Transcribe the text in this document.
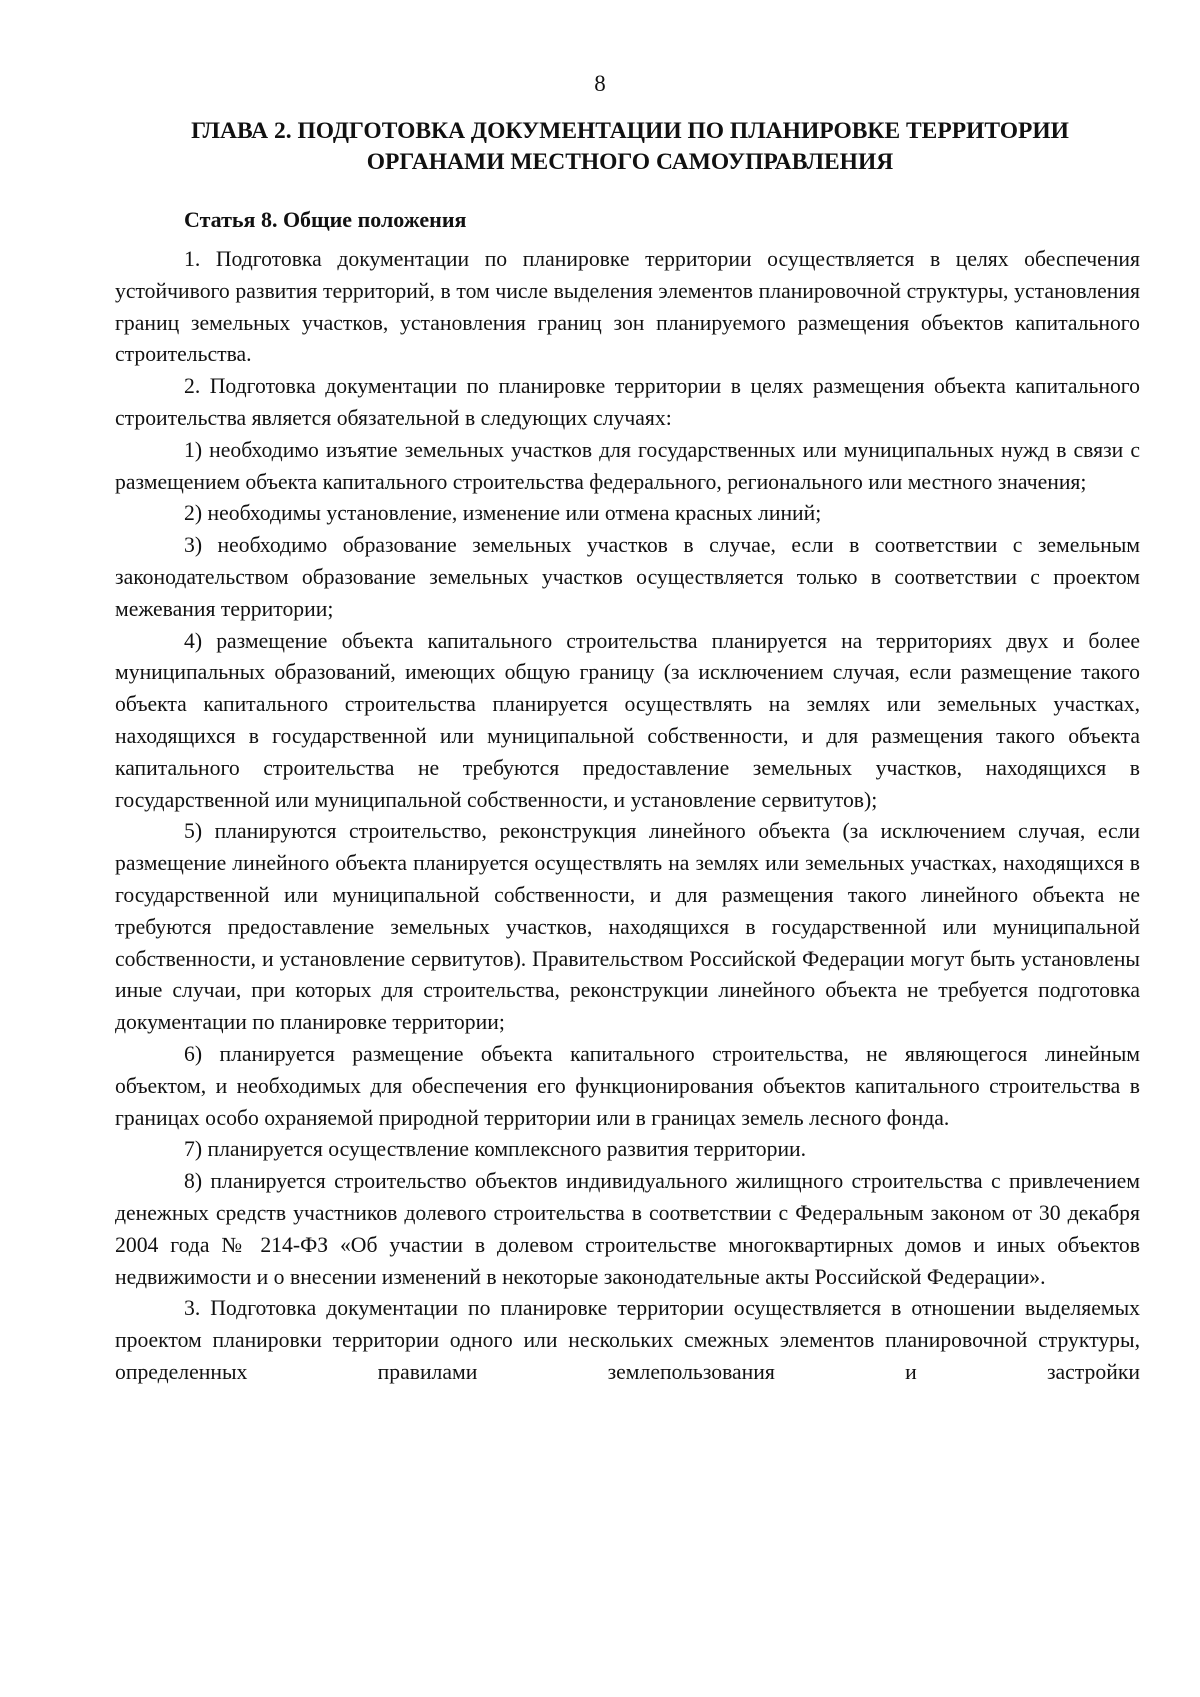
8
ГЛАВА 2. ПОДГОТОВКА ДОКУМЕНТАЦИИ ПО ПЛАНИРОВКЕ ТЕРРИТОРИИ
ОРГАНАМИ МЕСТНОГО САМОУПРАВЛЕНИЯ
Статья 8. Общие положения

1. Подготовка документации по планировке территории осуществляется в целях обеспечения устойчивого развития территорий, в том числе выделения элементов планировочной структуры, установления границ земельных участков, установления границ зон планируемого размещения объектов капитального строительства.

2. Подготовка документации по планировке территории в целях размещения объекта капитального строительства является обязательной в следующих случаях:

1) необходимо изъятие земельных участков для государственных или муниципальных нужд в связи с размещением объекта капитального строительства федерального, регионального или местного значения;

2) необходимы установление, изменение или отмена красных линий;

3) необходимо образование земельных участков в случае, если в соответствии с земельным законодательством образование земельных участков осуществляется только в соответствии с проектом межевания территории;

4) размещение объекта капитального строительства планируется на территориях двух и более муниципальных образований, имеющих общую границу (за исключением случая, если размещение такого объекта капитального строительства планируется осуществлять на землях или земельных участках, находящихся в государственной или муниципальной собственности, и для размещения такого объекта капитального строительства не требуются предоставление земельных участков, находящихся в государственной или муниципальной собственности, и установление сервитутов);

5) планируются строительство, реконструкция линейного объекта (за исключением случая, если размещение линейного объекта планируется осуществлять на землях или земельных участках, находящихся в государственной или муниципальной собственности, и для размещения такого линейного объекта не требуются предоставление земельных участков, находящихся в государственной или муниципальной собственности, и установление сервитутов). Правительством Российской Федерации могут быть установлены иные случаи, при которых для строительства, реконструкции линейного объекта не требуется подготовка документации по планировке территории;

6) планируется размещение объекта капитального строительства, не являющегося линейным объектом, и необходимых для обеспечения его функционирования объектов капитального строительства в границах особо охраняемой природной территории или в границах земель лесного фонда.

7) планируется осуществление комплексного развития территории.

8) планируется строительство объектов индивидуального жилищного строительства с привлечением денежных средств участников долевого строительства в соответствии с Федеральным законом от 30 декабря 2004 года № 214-ФЗ «Об участии в долевом строительстве многоквартирных домов и иных объектов недвижимости и о внесении изменений в некоторые законодательные акты Российской Федерации».

3. Подготовка документации по планировке территории осуществляется в отношении выделяемых проектом планировки территории одного или нескольких смежных элементов планировочной структуры, определенных правилами землепользования и застройки
